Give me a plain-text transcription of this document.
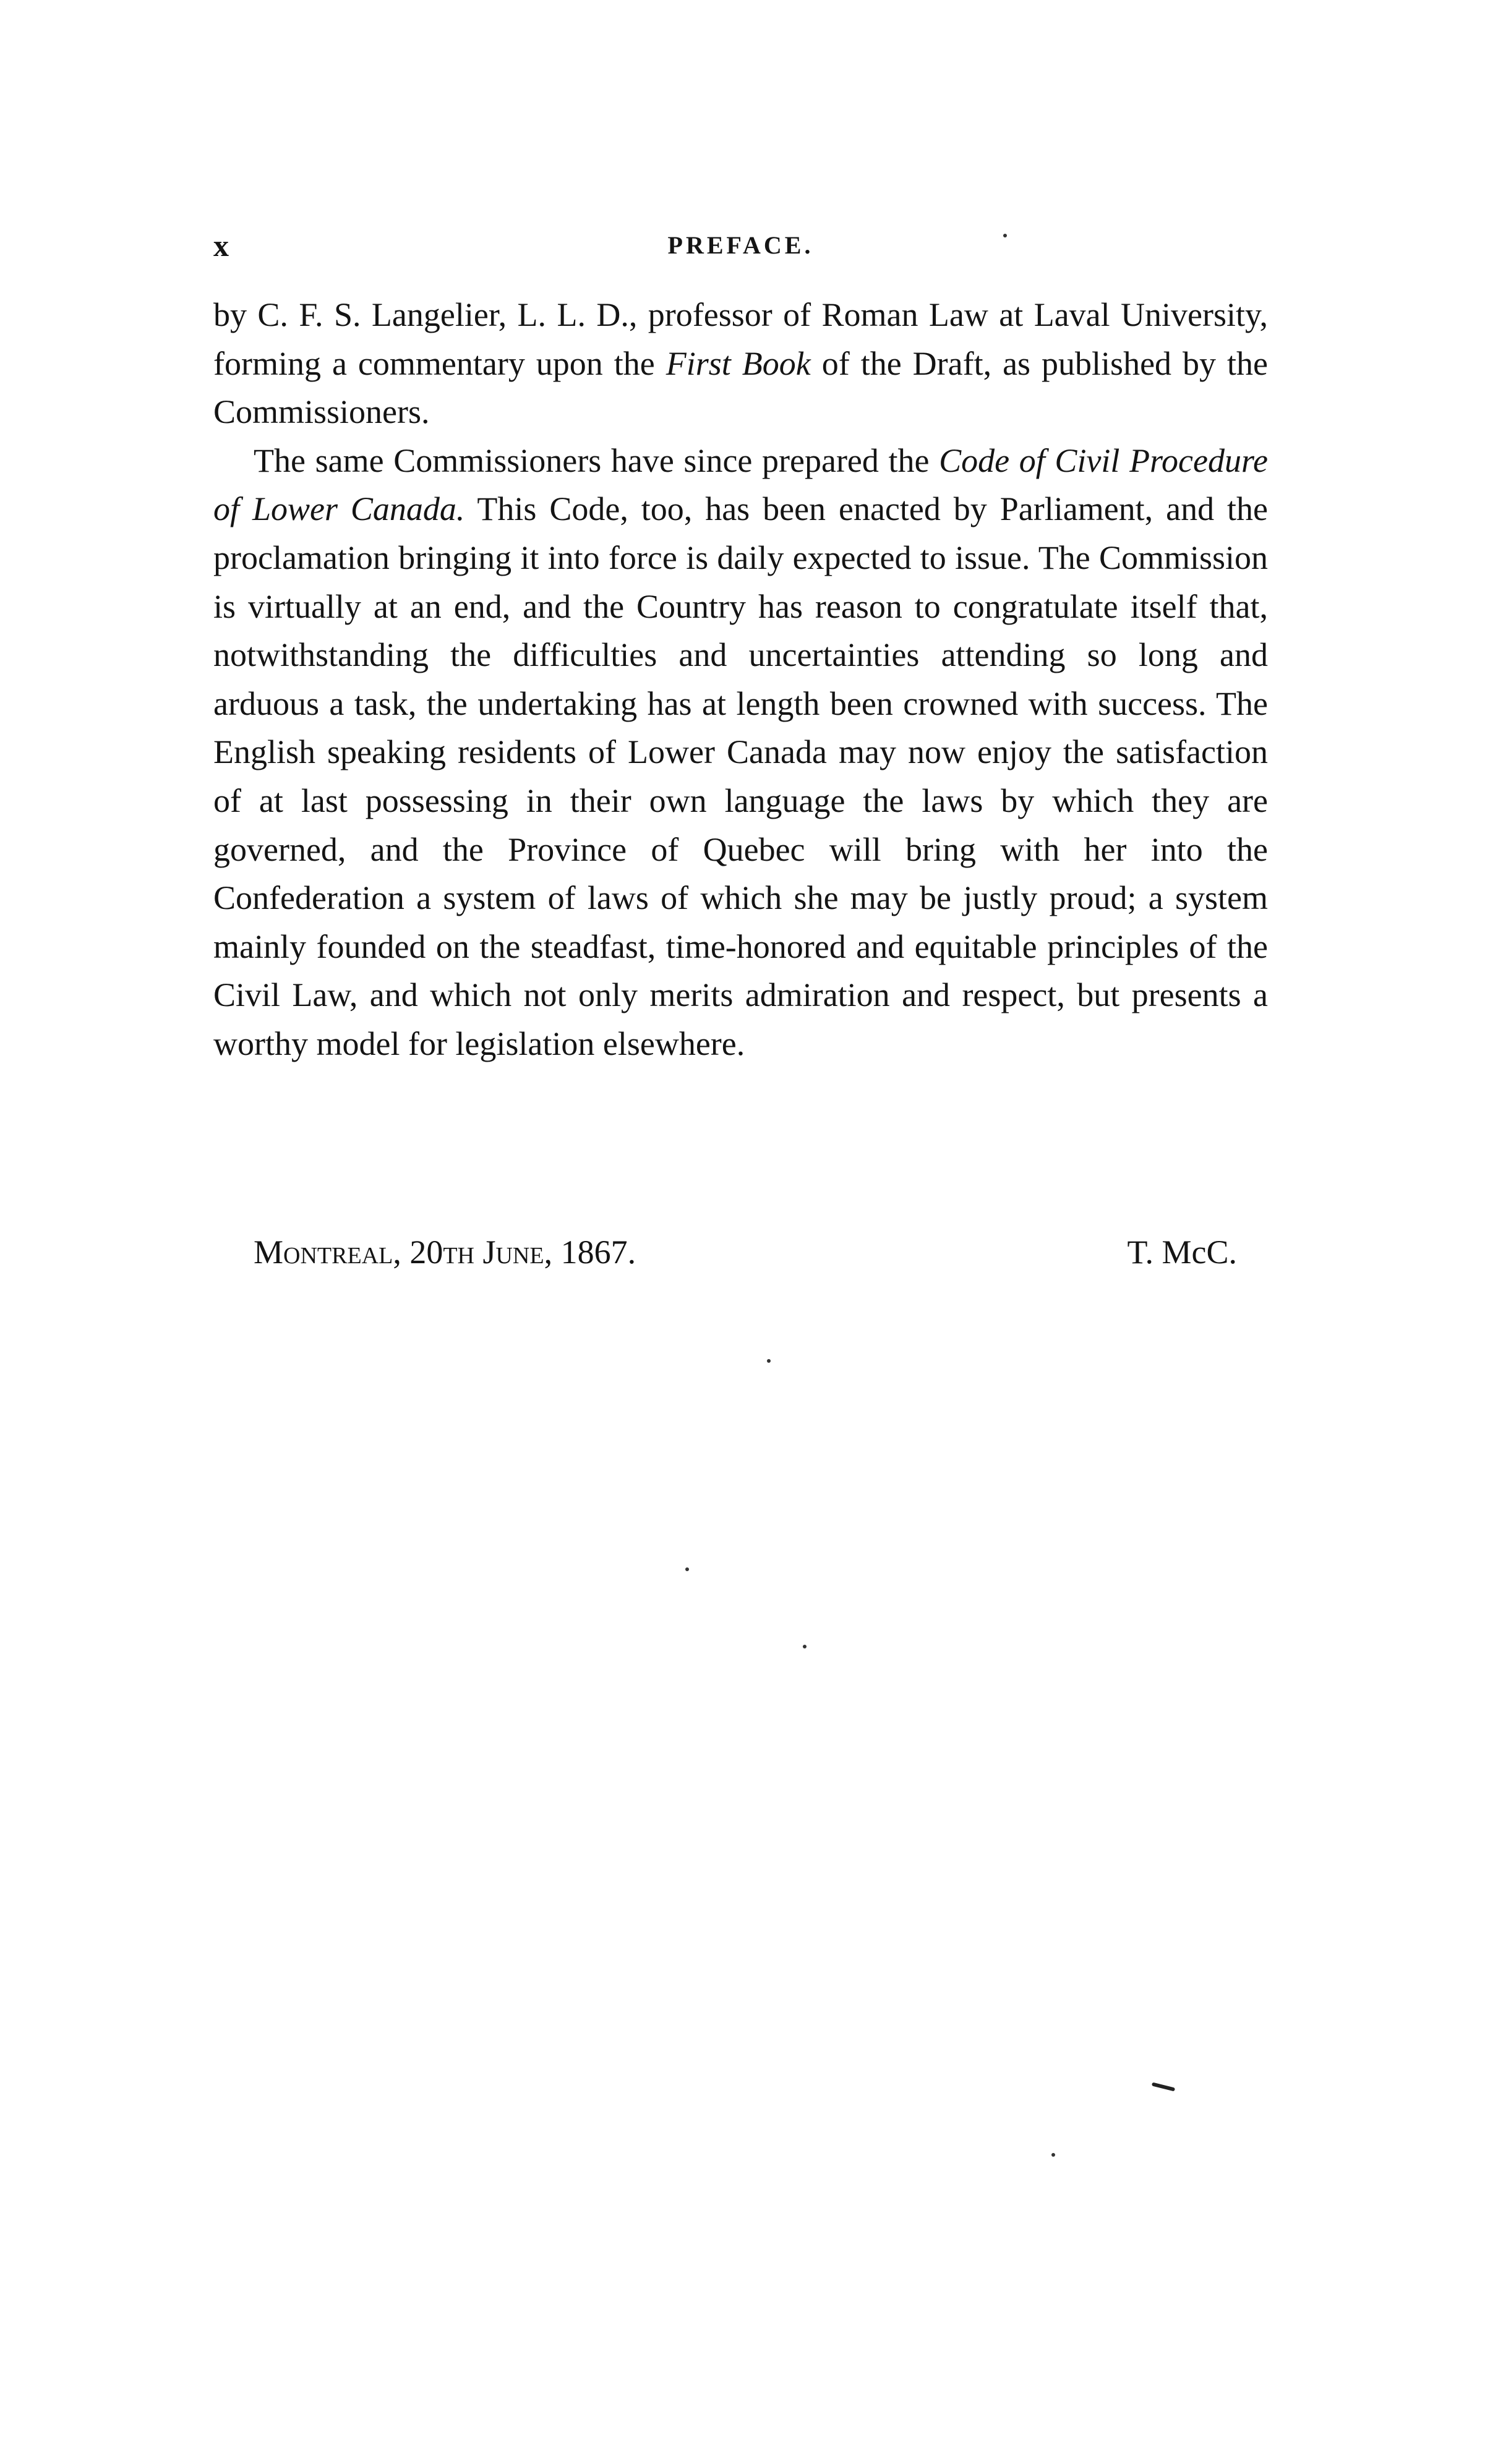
x	PREFACE.

by C. F. S. Langelier, L. L. D., professor of Roman Law at Laval University, forming a commentary upon the First Book of the Draft, as published by the Commissioners.

The same Commissioners have since prepared the Code of Civil Procedure of Lower Canada. This Code, too, has been enacted by Parliament, and the proclamation bringing it into force is daily expected to issue. The Commission is virtually at an end, and the Country has reason to congratulate itself that, notwithstanding the difficulties and uncertainties attending so long and arduous a task, the undertaking has at length been crowned with success. The English speaking residents of Lower Canada may now enjoy the satisfaction of at last possessing in their own language the laws by which they are governed, and the Province of Quebec will bring with her into the Confederation a system of laws of which she may be justly proud; a system mainly founded on the steadfast, time-honored and equitable principles of the Civil Law, and which not only merits admiration and respect, but presents a worthy model for legislation elsewhere.

Montreal, 20th June, 1867.	T. McC.
